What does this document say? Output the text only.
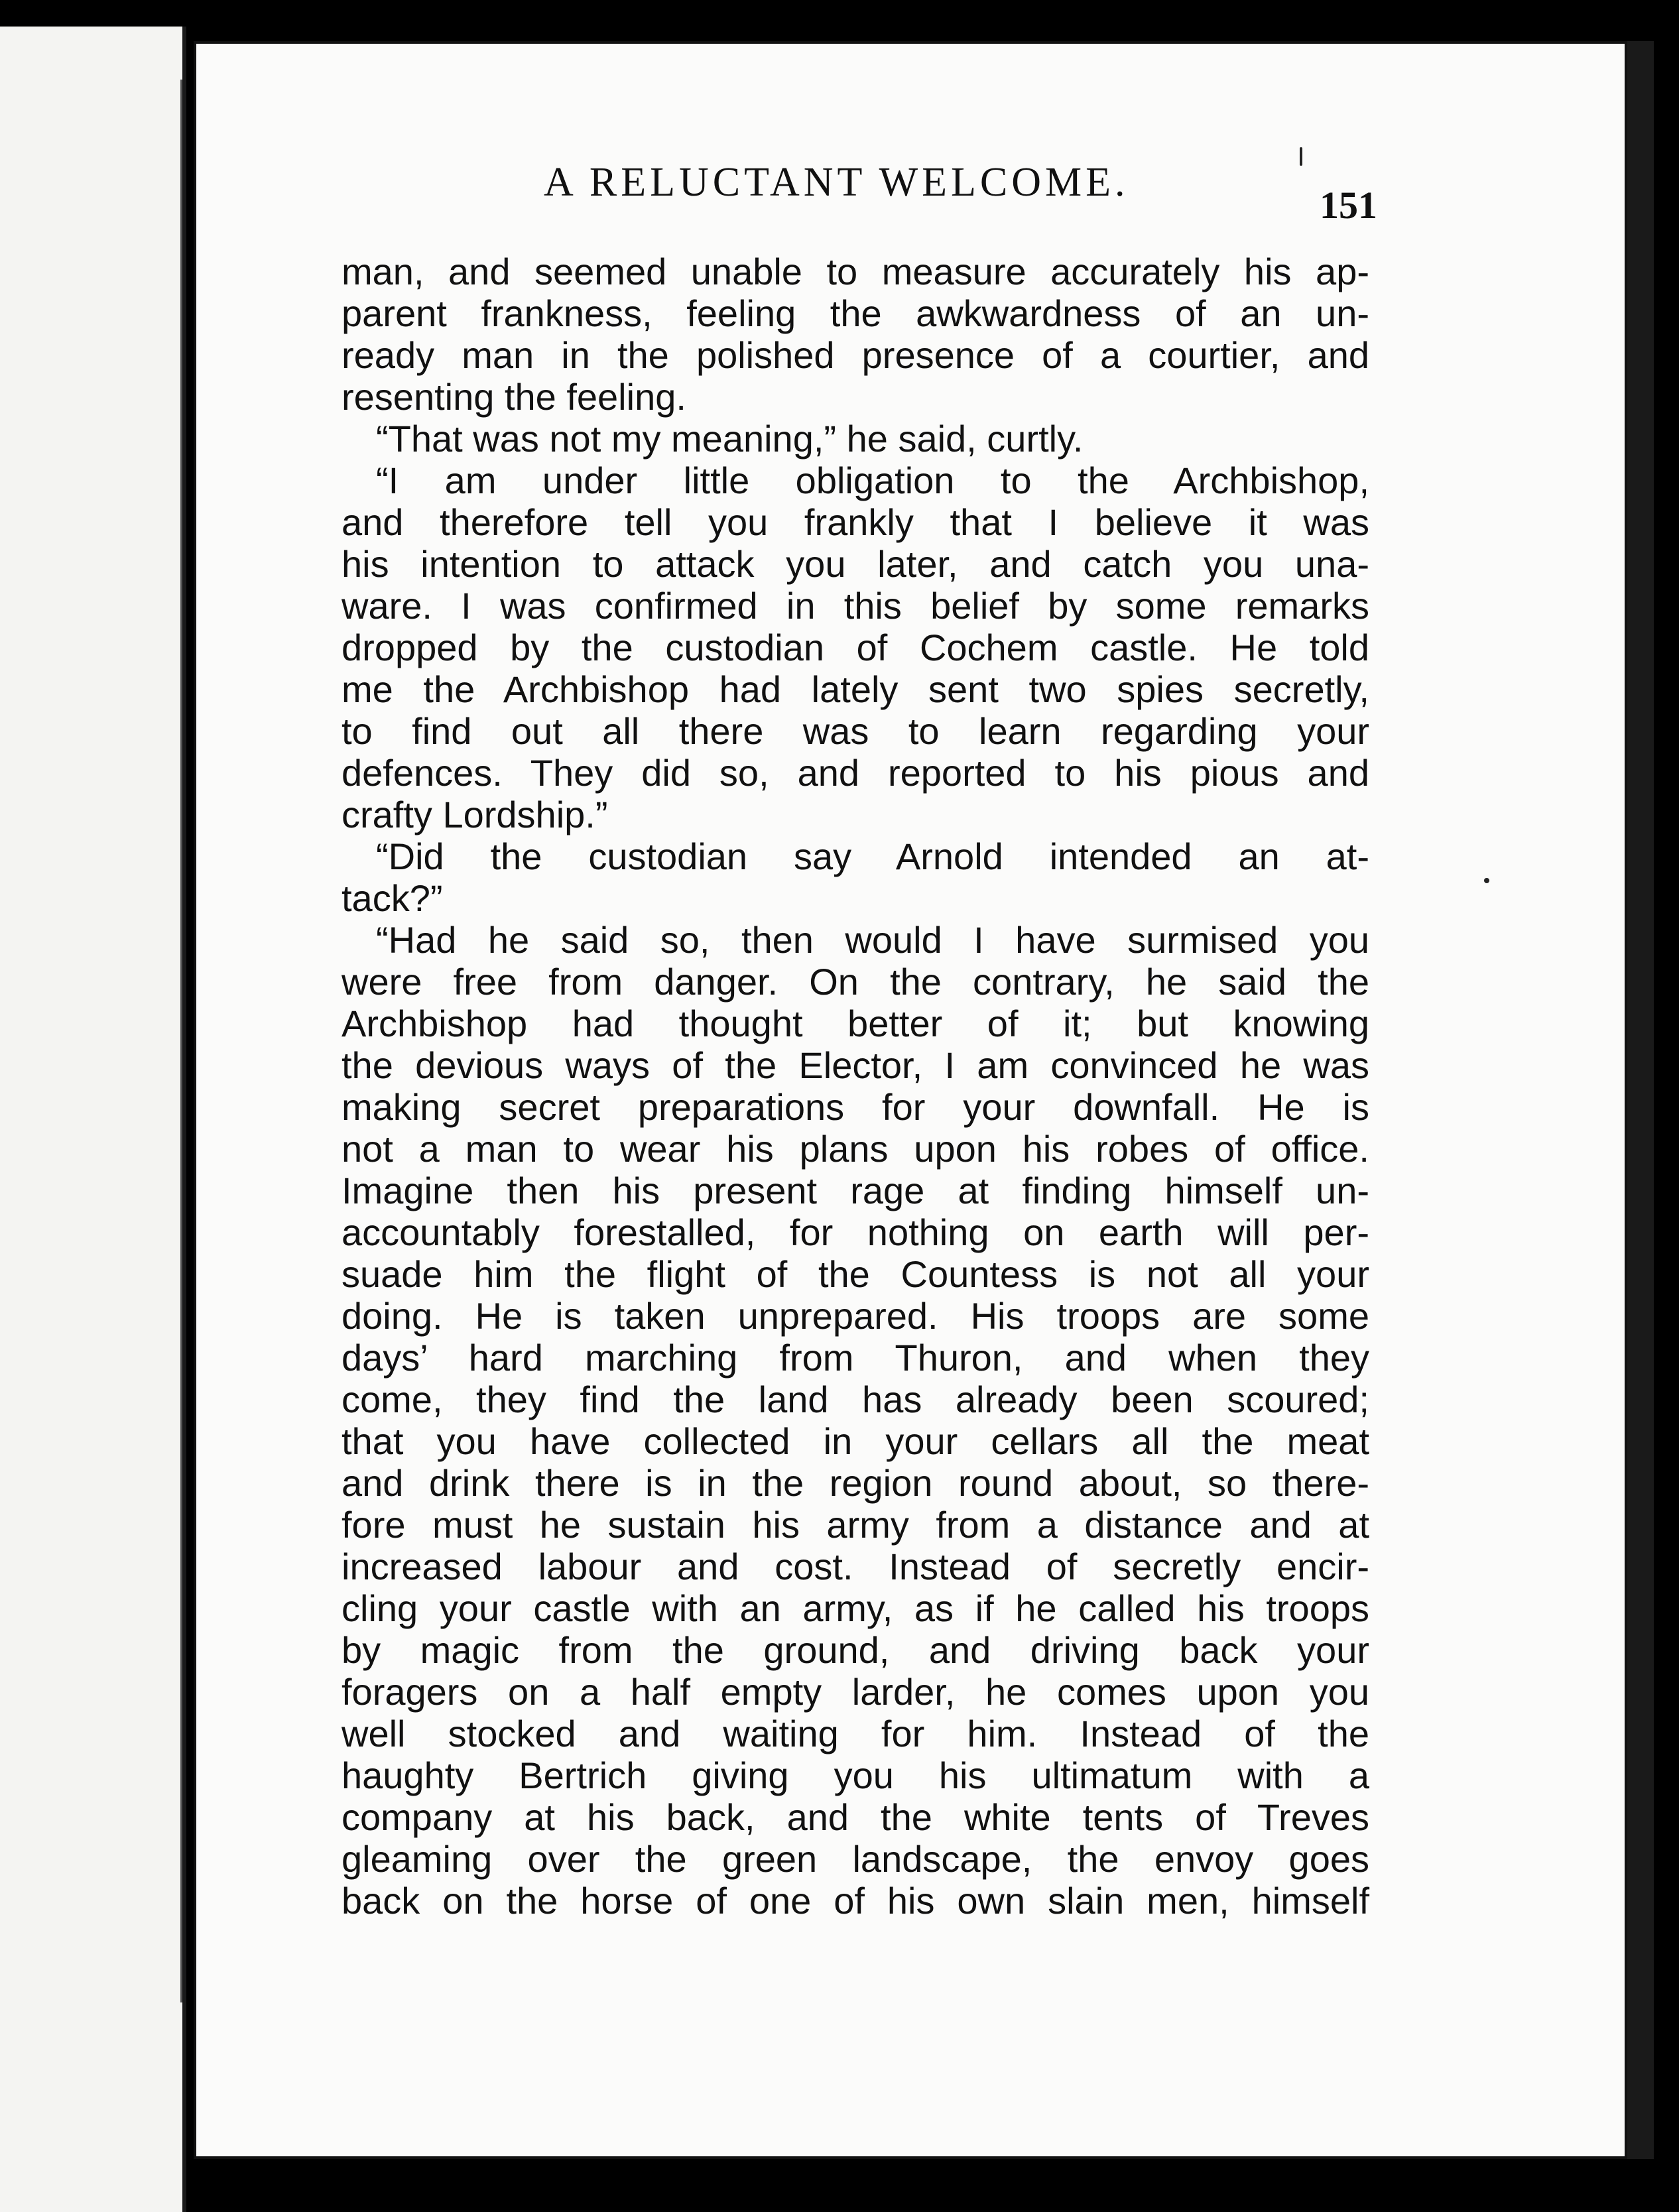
A RELUCTANT WELCOME.
151
man, and seemed unable to measure accurately his ap-
parent frankness, feeling the awkwardness of an un-
ready man in the polished presence of a courtier, and
resenting the feeling.
“That was not my meaning,” he said, curtly.
“I am under little obligation to the Archbishop,
and therefore tell you frankly that I believe it was
his intention to attack you later, and catch you una-
ware. I was confirmed in this belief by some remarks
dropped by the custodian of Cochem castle. He told
me the Archbishop had lately sent two spies secretly,
to find out all there was to learn regarding your
defences. They did so, and reported to his pious and
crafty Lordship.”
“Did the custodian say Arnold intended an at-
tack?”
“Had he said so, then would I have surmised you
were free from danger. On the contrary, he said the
Archbishop had thought better of it; but knowing
the devious ways of the Elector, I am convinced he was
making secret preparations for your downfall. He is
not a man to wear his plans upon his robes of office.
Imagine then his present rage at finding himself un-
accountably forestalled, for nothing on earth will per-
suade him the flight of the Countess is not all your
doing. He is taken unprepared. His troops are some
days’ hard marching from Thuron, and when they
come, they find the land has already been scoured;
that you have collected in your cellars all the meat
and drink there is in the region round about, so there-
fore must he sustain his army from a distance and at
increased labour and cost. Instead of secretly encir-
cling your castle with an army, as if he called his troops
by magic from the ground, and driving back your
foragers on a half empty larder, he comes upon you
well stocked and waiting for him. Instead of the
haughty Bertrich giving you his ultimatum with a
company at his back, and the white tents of Treves
gleaming over the green landscape, the envoy goes
back on the horse of one of his own slain men, himself
